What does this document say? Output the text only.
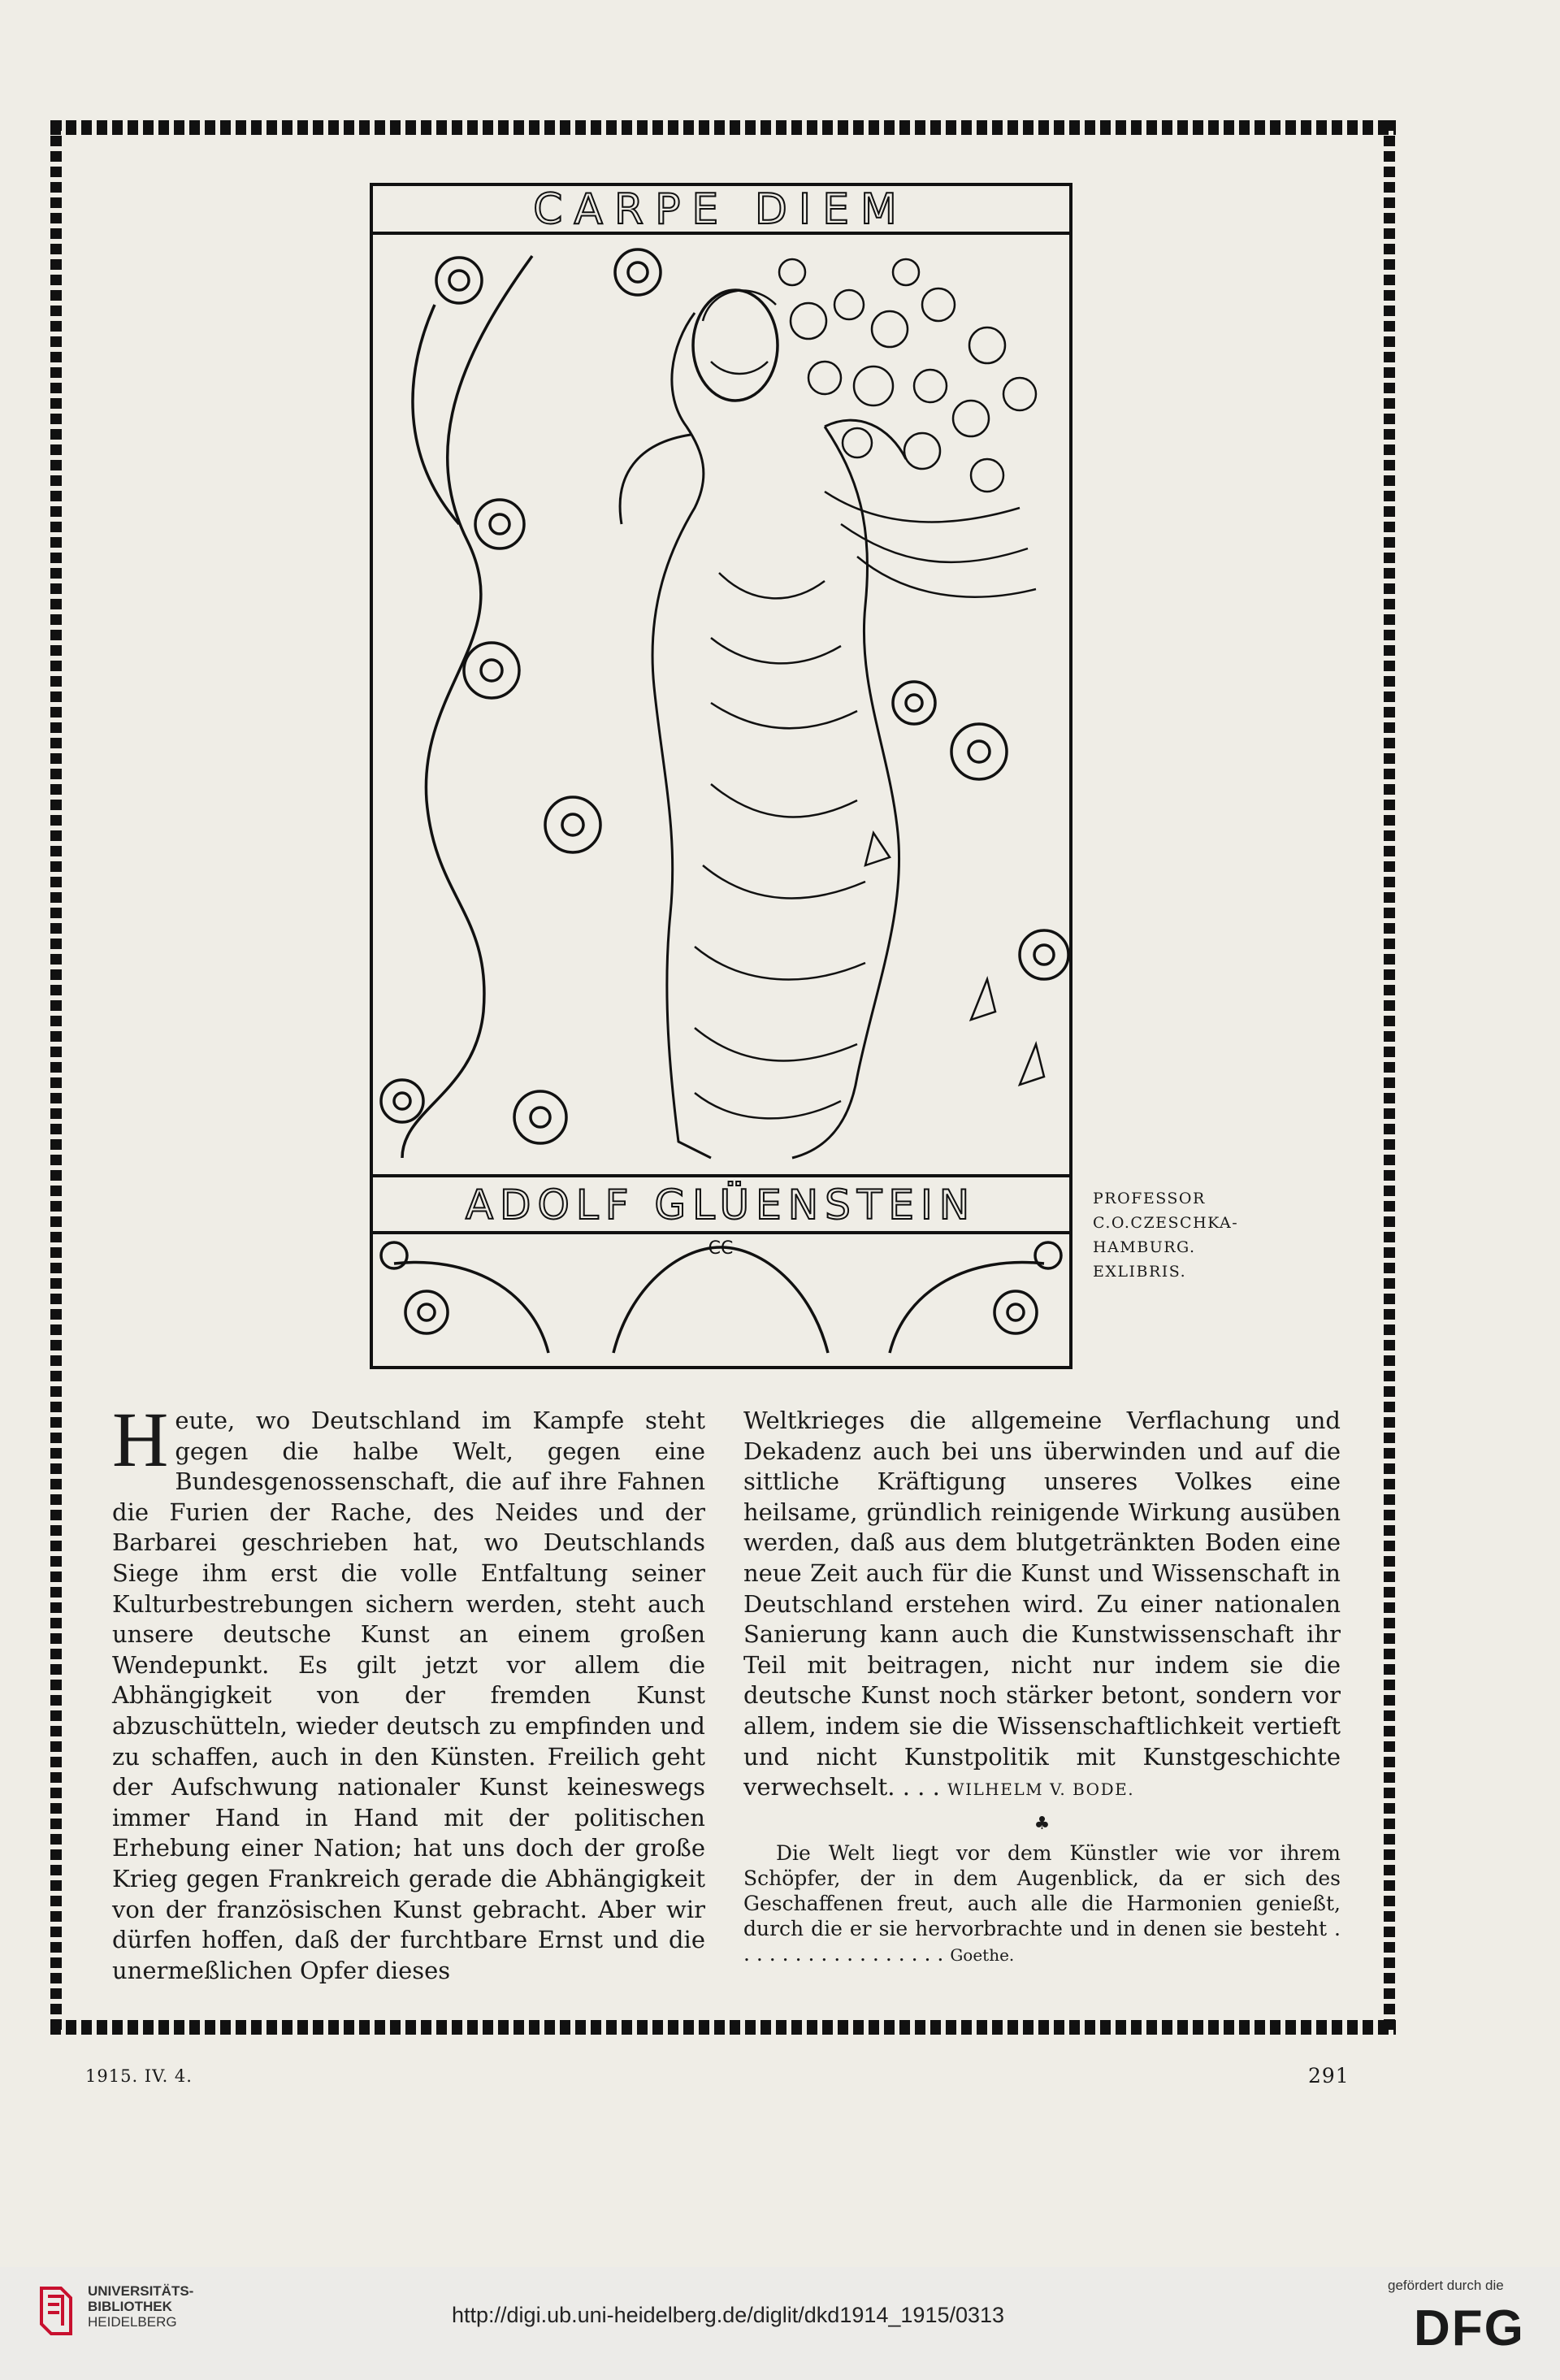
CARPE DIEM
ADOLF GLÜENSTEIN
CC
PROFESSOR
C.O.CZESCHKA-
HAMBURG.
EXLIBRIS.

Heute, wo Deutschland im Kampfe steht gegen die halbe Welt, gegen eine Bundesgenossenschaft, die auf ihre Fahnen die Furien der Rache, des Neides und der Barbarei geschrieben hat, wo Deutschlands Siege ihm erst die volle Entfaltung seiner Kulturbestrebungen sichern werden, steht auch unsere deutsche Kunst an einem großen Wendepunkt. Es gilt jetzt vor allem die Abhängigkeit von der fremden Kunst abzuschütteln, wieder deutsch zu empfinden und zu schaffen, auch in den Künsten. Freilich geht der Aufschwung nationaler Kunst keineswegs immer Hand in Hand mit der politischen Erhebung einer Nation; hat uns doch der große Krieg gegen Frankreich gerade die Abhängigkeit von der französischen Kunst gebracht. Aber wir dürfen hoffen, daß der furchtbare Ernst und die unermeßlichen Opfer dieses

Weltkrieges die allgemeine Verflachung und Dekadenz auch bei uns überwinden und auf die sittliche Kräftigung unseres Volkes eine heilsame, gründlich reinigende Wirkung ausüben werden, daß aus dem blutgetränkten Boden eine neue Zeit auch für die Kunst und Wissenschaft in Deutschland erstehen wird. Zu einer nationalen Sanierung kann auch die Kunstwissenschaft ihr Teil mit beitragen, nicht nur indem sie die deutsche Kunst noch stärker betont, sondern vor allem, indem sie die Wissenschaftlichkeit vertieft und nicht Kunstpolitik mit Kunstgeschichte verwechselt. . . . WILHELM V. BODE.

♣

Die Welt liegt vor dem Künstler wie vor ihrem Schöpfer, der in dem Augenblick, da er sich des Geschaffenen freut, auch alle die Harmonien genießt, durch die er sie hervorbrachte und in denen sie besteht . . . . . . . . . . . . . . . . . Goethe.

1915. IV. 4.	291
UNIVERSITÄTS-
BIBLIOTHEK
HEIDELBERG	http://digi.ub.uni-heidelberg.de/diglit/dkd1914_1915/0313
gefördert durch die
DFG
